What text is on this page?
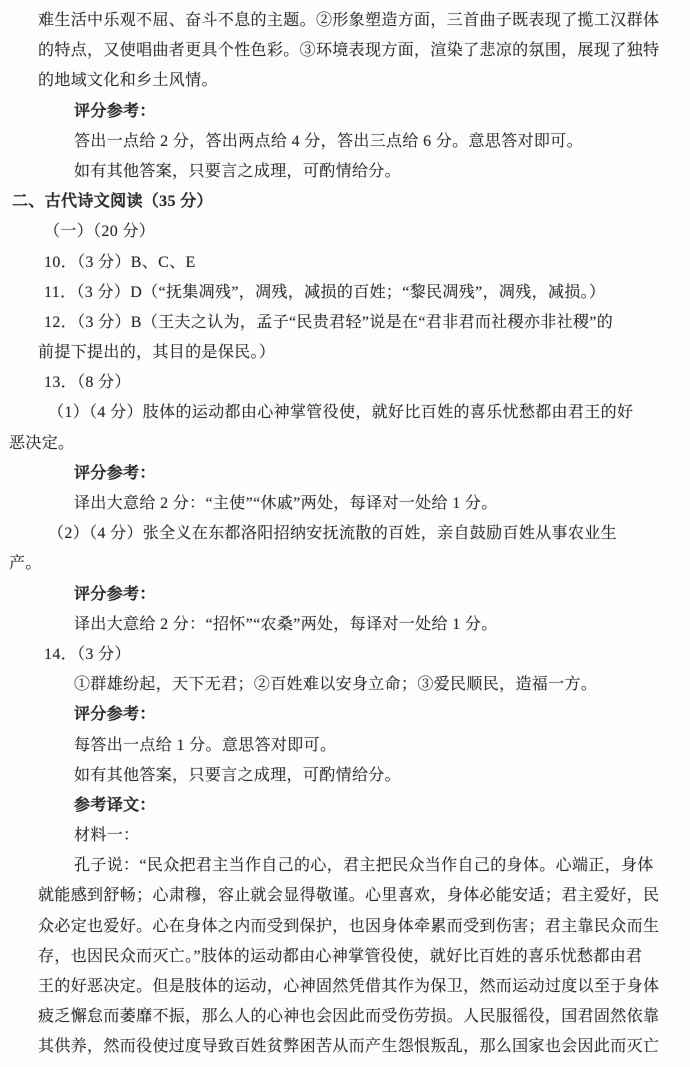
难生活中乐观不屈、奋斗不息的主题。②形象塑造方面，三首曲子既表现了揽工汉群体
的特点，又使唱曲者更具个性色彩。③环境表现方面，渲染了悲凉的氛围，展现了独特
的地域文化和乡土风情。
评分参考：
答出一点给 2 分，答出两点给 4 分，答出三点给 6 分。意思答对即可。
如有其他答案，只要言之成理，可酌情给分。
二、古代诗文阅读（35 分）
（一）（20 分）
10．（3 分）B、C、E
11．（3 分）D（“抚集凋残”，凋残，减损的百姓；“黎民凋残”，凋残，减损。）
12．（3 分）B（王夫之认为，孟子“民贵君轻”说是在“君非君而社稷亦非社稷”的
前提下提出的，其目的是保民。）
13．（8 分）
（1）（4 分）肢体的运动都由心神掌管役使，就好比百姓的喜乐忧愁都由君王的好
恶决定。
评分参考：
译出大意给 2 分：“主使”“休戚”两处，每译对一处给 1 分。
（2）（4 分）张全义在东都洛阳招纳安抚流散的百姓，亲自鼓励百姓从事农业生
产。
评分参考：
译出大意给 2 分：“招怀”“农桑”两处，每译对一处给 1 分。
14．（3 分）
①群雄纷起，天下无君；②百姓难以安身立命；③爱民顺民，造福一方。
评分参考：
每答出一点给 1 分。意思答对即可。
如有其他答案，只要言之成理，可酌情给分。
参考译文：
材料一：
孔子说：“民众把君主当作自己的心，君主把民众当作自己的身体。心端正，身体
就能感到舒畅；心肃穆，容止就会显得敬谨。心里喜欢，身体必能安适；君主爱好，民
众必定也爱好。心在身体之内而受到保护，也因身体牵累而受到伤害；君主靠民众而生
存，也因民众而灭亡。”肢体的运动都由心神掌管役使，就好比百姓的喜乐忧愁都由君
王的好恶决定。但是肢体的运动，心神固然凭借其作为保卫，然而运动过度以至于身体
疲乏懈怠而萎靡不振，那么人的心神也会因此而受伤劳损。人民服徭役，国君固然依靠
其供养，然而役使过度导致百姓贫弊困苦从而产生怨恨叛乱，那么国家也会因此而灭亡
